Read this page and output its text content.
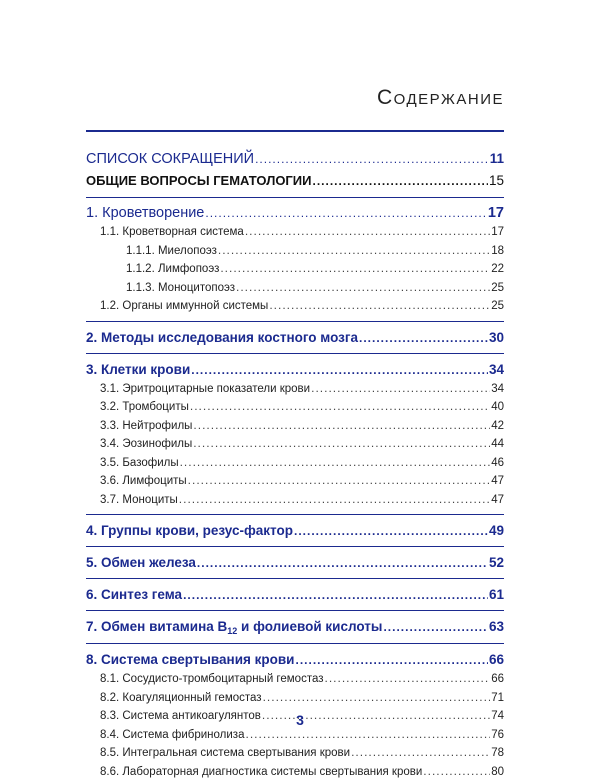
Содержание
СПИСОК СОКРАЩЕНИЙ .....	11
ОБЩИЕ ВОПРОСЫ ГЕМАТОЛОГИИ .....	15
1. Кроветворение .....	17
1.1. Кроветворная система .....	17
1.1.1. Миелопоэз .....	18
1.1.2. Лимфопоэз .....	22
1.1.3. Моноцитопоэз .....	25
1.2. Органы иммунной системы .....	25
2. Методы исследования костного мозга .....	30
3. Клетки крови .....	34
3.1. Эритроцитарные показатели крови .....	34
3.2. Тромбоциты .....	40
3.3. Нейтрофилы .....	42
3.4. Эозинофилы .....	44
3.5. Базофилы .....	46
3.6. Лимфоциты .....	47
3.7. Моноциты .....	47
4. Группы крови, резус-фактор .....	49
5. Обмен железа .....	52
6. Синтез гема .....	61
7. Обмен витамина $В_{12}$ и фолиевой кислоты .....	63
8. Система свертывания крови .....	66
8.1. Сосудисто-тромбоцитарный гемостаз .....	66
8.2. Коагуляционный гемостаз .....	71
8.3. Система антикоагулянтов .....	74
8.4. Система фибринолиза .....	76
8.5. Интегральная система свертывания крови .....	78
8.6. Лабораторная диагностика системы свертывания крови .....	80
3
